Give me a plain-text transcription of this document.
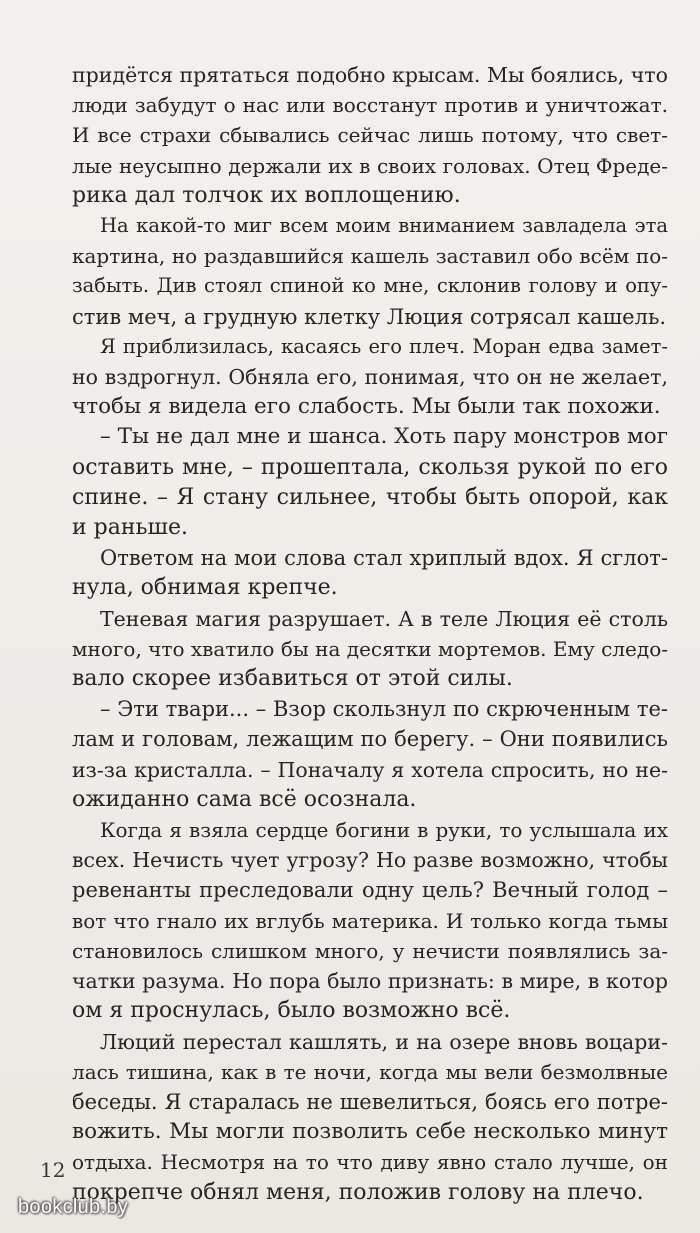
придётся прятаться подобно крысам. Мы боялись, что
люди забудут о нас или восстанут против и уничтожат.
И все страхи сбывались сейчас лишь потому, что свет-
лые неусыпно держали их в своих головах. Отец Фреде-
рика дал толчок их воплощению.
На какой-то миг всем моим вниманием завладела эта
картина, но раздавшийся кашель заставил обо всём по-
забыть. Див стоял спиной ко мне, склонив голову и опу-
стив меч, а грудную клетку Люция сотрясал кашель.
Я приблизилась, касаясь его плеч. Моран едва замет-
но вздрогнул. Обняла его, понимая, что он не желает,
чтобы я видела его слабость. Мы были так похожи.
– Ты не дал мне и шанса. Хоть пару монстров мог
оставить мне, – прошептала, скользя рукой по его
спине. – Я стану сильнее, чтобы быть опорой, как
и раньше.
Ответом на мои слова стал хриплый вдох. Я сглот-
нула, обнимая крепче.
Теневая магия разрушает. А в теле Люция её столь
много, что хватило бы на десятки мортемов. Ему следо-
вало скорее избавиться от этой силы.
– Эти твари... – Взор скользнул по скрюченным те-
лам и головам, лежащим по берегу. – Они появились
из-за кристалла. – Поначалу я хотела спросить, но не-
ожиданно сама всё осознала.
Когда я взяла сердце богини в руки, то услышала их
всех. Нечисть чует угрозу? Но разве возможно, чтобы
ревенанты преследовали одну цель? Вечный голод –
вот что гнало их вглубь материка. И только когда тьмы
становилось слишком много, у нечисти появлялись за-
чатки разума. Но пора было признать: в мире, в котор
ом я проснулась, было возможно всё.
Люций перестал кашлять, и на озере вновь воцари-
лась тишина, как в те ночи, когда мы вели безмолвные
беседы. Я старалась не шевелиться, боясь его потре-
вожить. Мы могли позволить себе несколько минут
отдыха. Несмотря на то что диву явно стало лучше, он
покрепче обнял меня, положив голову на плечо.
12
bookclub.by
